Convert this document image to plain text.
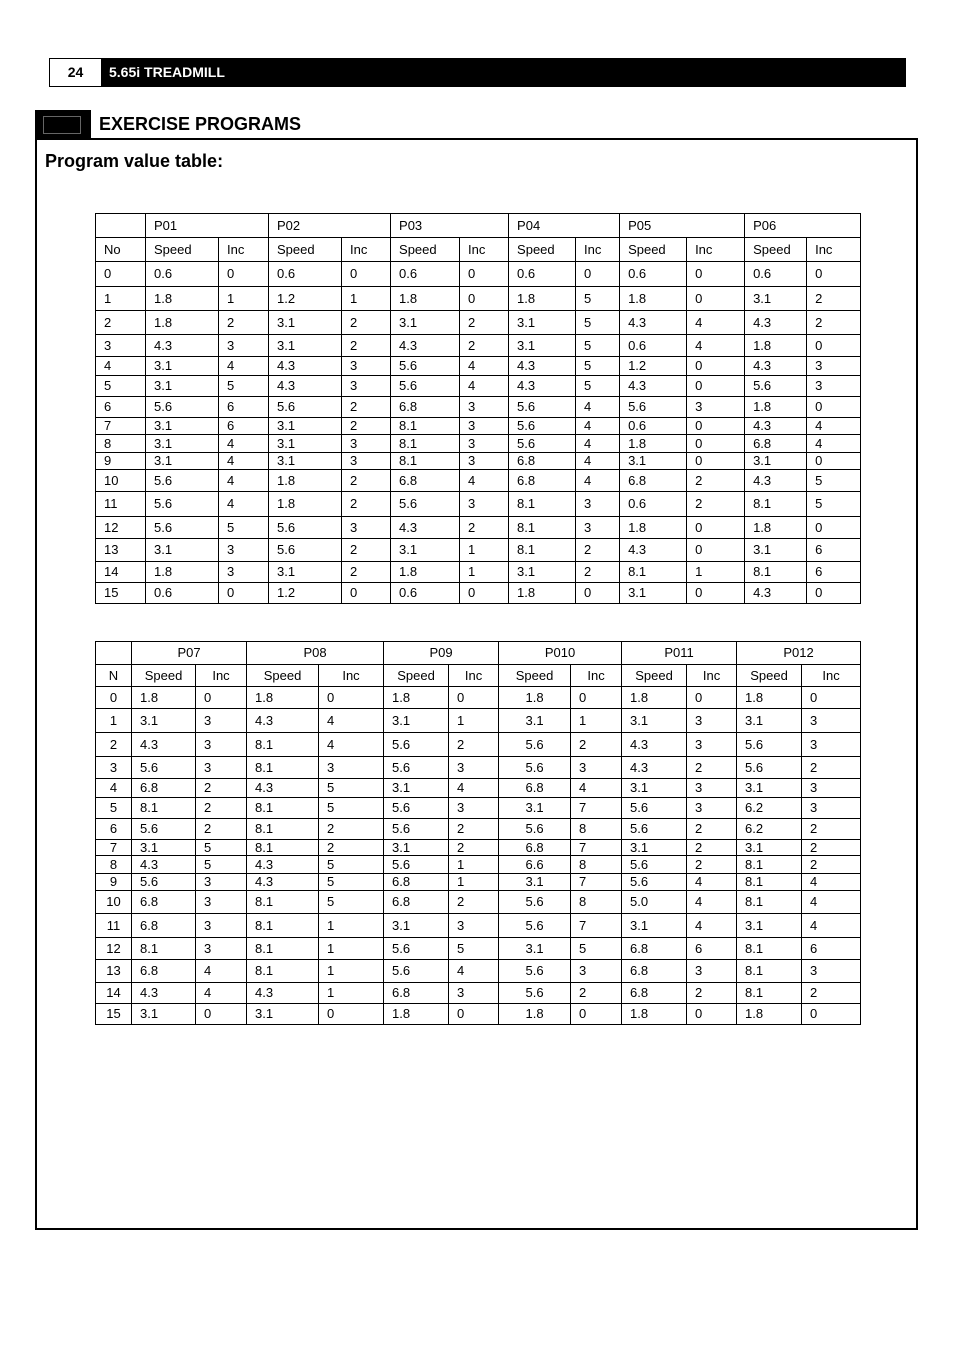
24	5.65i TREADMILL
EXERCISE PROGRAMS
Program value table:
	P01		P02		P03		P04		P05		P06	
No	Speed	Inc	Speed	Inc	Speed	Inc	Speed	Inc	Speed	Inc	Speed	Inc
0	0.6	0	0.6	0	0.6	0	0.6	0	0.6	0	0.6	0
1	1.8	1	1.2	1	1.8	0	1.8	5	1.8	0	3.1	2
2	1.8	2	3.1	2	3.1	2	3.1	5	4.3	4	4.3	2
3	4.3	3	3.1	2	4.3	2	3.1	5	0.6	4	1.8	0
4	3.1	4	4.3	3	5.6	4	4.3	5	1.2	0	4.3	3
5	3.1	5	4.3	3	5.6	4	4.3	5	4.3	0	5.6	3
6	5.6	6	5.6	2	6.8	3	5.6	4	5.6	3	1.8	0
7	3.1	6	3.1	2	8.1	3	5.6	4	0.6	0	4.3	4
8	3.1	4	3.1	3	8.1	3	5.6	4	1.8	0	6.8	4
9	3.1	4	3.1	3	8.1	3	6.8	4	3.1	0	3.1	0
10	5.6	4	1.8	2	6.8	4	6.8	4	6.8	2	4.3	5
11	5.6	4	1.8	2	5.6	3	8.1	3	0.6	2	8.1	5
12	5.6	5	5.6	3	4.3	2	8.1	3	1.8	0	1.8	0
13	3.1	3	5.6	2	3.1	1	8.1	2	4.3	0	3.1	6
14	1.8	3	3.1	2	1.8	1	3.1	2	8.1	1	8.1	6
15	0.6	0	1.2	0	0.6	0	1.8	0	3.1	0	4.3	0
	P07		P08		P09		P010		P011		P012	
N	Speed	Inc	Speed	Inc	Speed	Inc	Speed	Inc	Speed	Inc	Speed	Inc
0	1.8	0	1.8	0	1.8	0	1.8	0	1.8	0	1.8	0
1	3.1	3	4.3	4	3.1	1	3.1	1	3.1	3	3.1	3
2	4.3	3	8.1	4	5.6	2	5.6	2	4.3	3	5.6	3
3	5.6	3	8.1	3	5.6	3	5.6	3	4.3	2	5.6	2
4	6.8	2	4.3	5	3.1	4	6.8	4	3.1	3	3.1	3
5	8.1	2	8.1	5	5.6	3	3.1	7	5.6	3	6.2	3
6	5.6	2	8.1	2	5.6	2	5.6	8	5.6	2	6.2	2
7	3.1	5	8.1	2	3.1	2	6.8	7	3.1	2	3.1	2
8	4.3	5	4.3	5	5.6	1	6.6	8	5.6	2	8.1	2
9	5.6	3	4.3	5	6.8	1	3.1	7	5.6	4	8.1	4
10	6.8	3	8.1	5	6.8	2	5.6	8	5.0	4	8.1	4
11	6.8	3	8.1	1	3.1	3	5.6	7	3.1	4	3.1	4
12	8.1	3	8.1	1	5.6	5	3.1	5	6.8	6	8.1	6
13	6.8	4	8.1	1	5.6	4	5.6	3	6.8	3	8.1	3
14	4.3	4	4.3	1	6.8	3	5.6	2	6.8	2	8.1	2
15	3.1	0	3.1	0	1.8	0	1.8	0	1.8	0	1.8	0
